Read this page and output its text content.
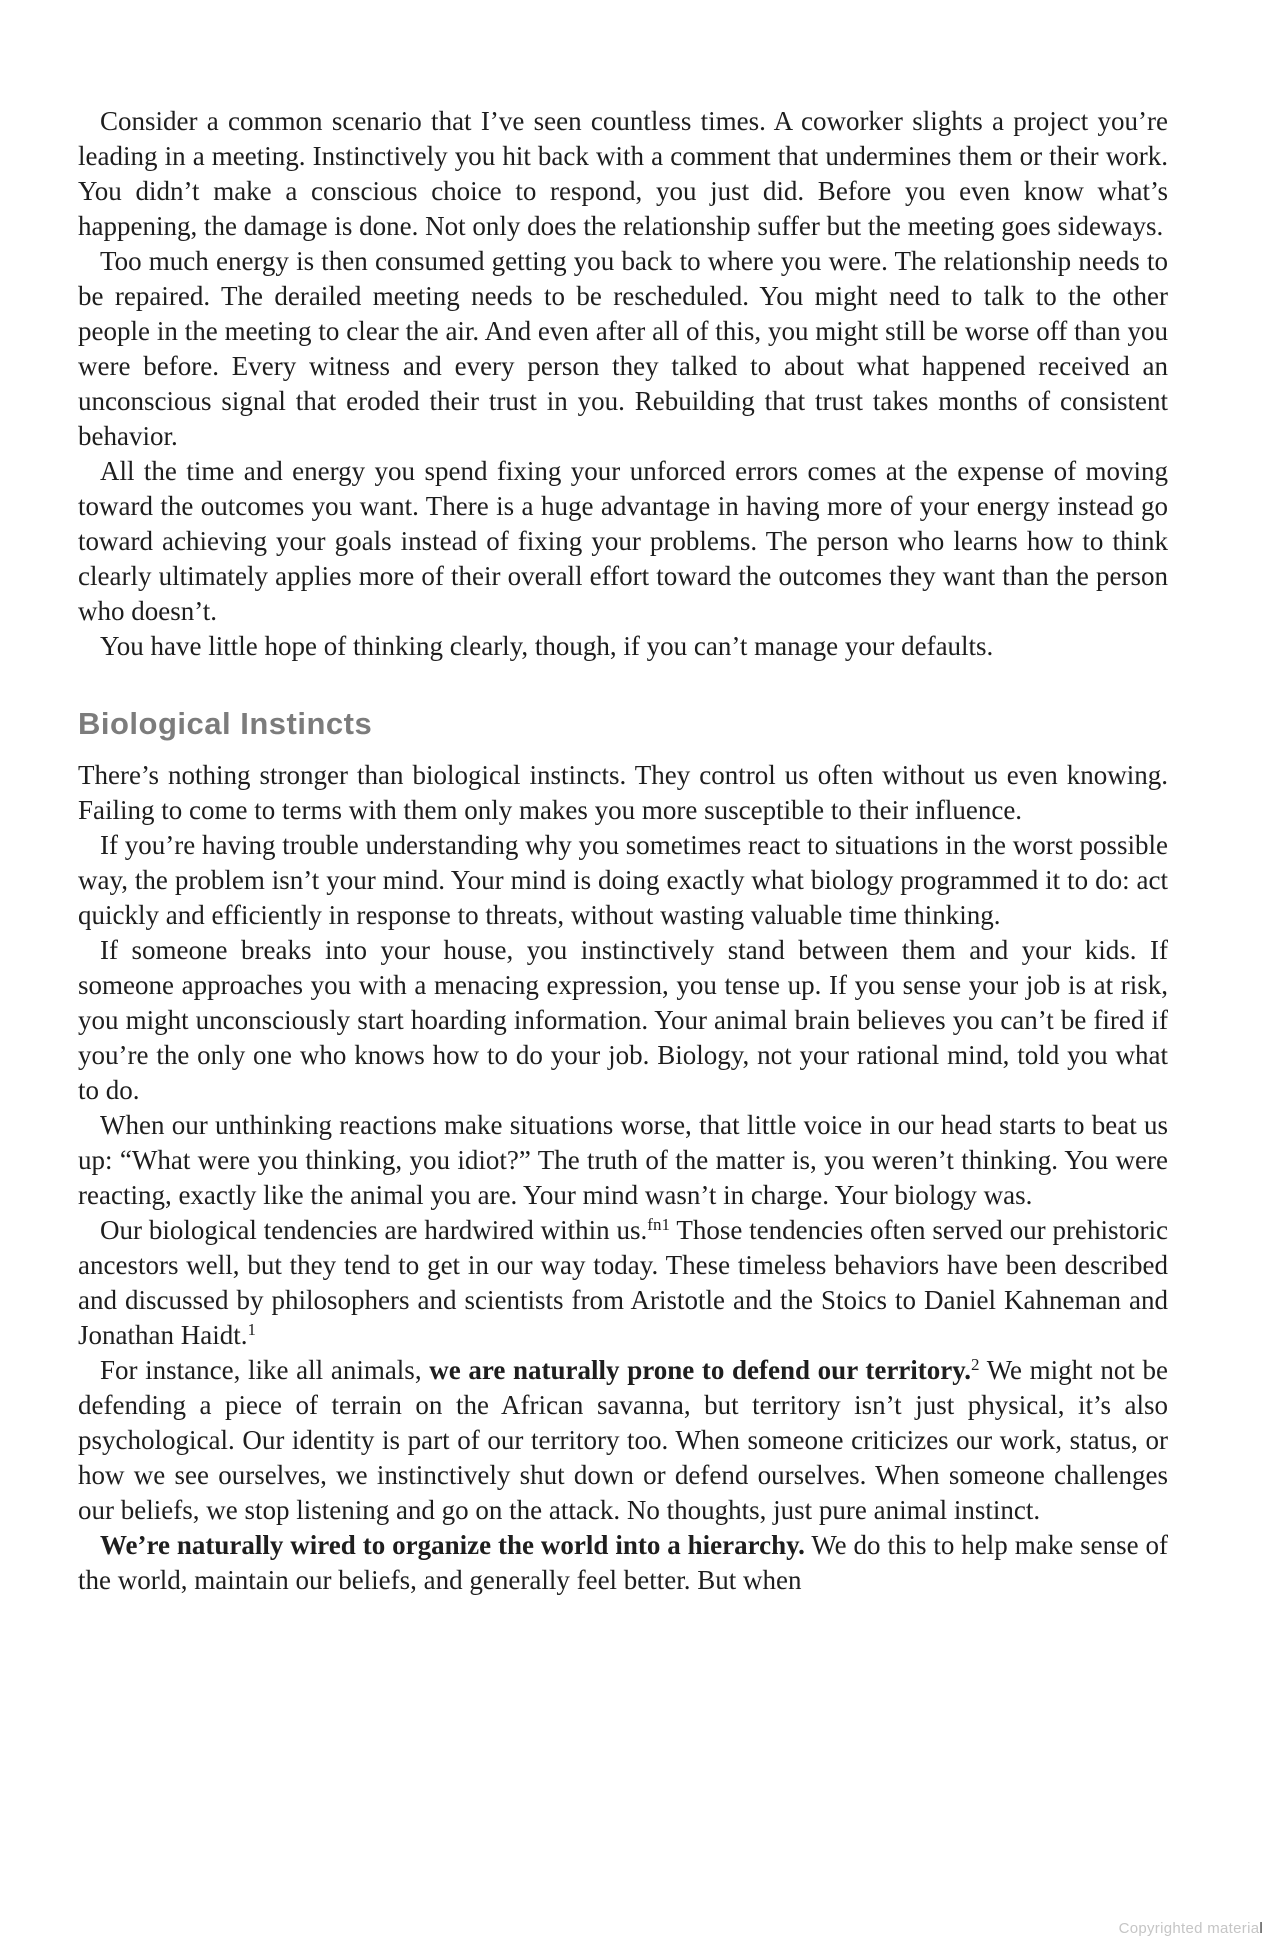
Consider a common scenario that I’ve seen countless times. A coworker slights a project you’re leading in a meeting. Instinctively you hit back with a comment that undermines them or their work. You didn’t make a conscious choice to respond, you just did. Before you even know what’s happening, the damage is done. Not only does the relationship suffer but the meeting goes sideways.

Too much energy is then consumed getting you back to where you were. The relationship needs to be repaired. The derailed meeting needs to be rescheduled. You might need to talk to the other people in the meeting to clear the air. And even after all of this, you might still be worse off than you were before. Every witness and every person they talked to about what happened received an unconscious signal that eroded their trust in you. Rebuilding that trust takes months of consistent behavior.

All the time and energy you spend fixing your unforced errors comes at the expense of moving toward the outcomes you want. There is a huge advantage in having more of your energy instead go toward achieving your goals instead of fixing your problems. The person who learns how to think clearly ultimately applies more of their overall effort toward the outcomes they want than the person who doesn’t.

You have little hope of thinking clearly, though, if you can’t manage your defaults.

Biological Instincts

There’s nothing stronger than biological instincts. They control us often without us even knowing. Failing to come to terms with them only makes you more susceptible to their influence.

If you’re having trouble understanding why you sometimes react to situations in the worst possible way, the problem isn’t your mind. Your mind is doing exactly what biology programmed it to do: act quickly and efficiently in response to threats, without wasting valuable time thinking.

If someone breaks into your house, you instinctively stand between them and your kids. If someone approaches you with a menacing expression, you tense up. If you sense your job is at risk, you might unconsciously start hoarding information. Your animal brain believes you can’t be fired if you’re the only one who knows how to do your job. Biology, not your rational mind, told you what to do.

When our unthinking reactions make situations worse, that little voice in our head starts to beat us up: “What were you thinking, you idiot?” The truth of the matter is, you weren’t thinking. You were reacting, exactly like the animal you are. Your mind wasn’t in charge. Your biology was.

Our biological tendencies are hardwired within us.$^{fn1}$ Those tendencies often served our prehistoric ancestors well, but they tend to get in our way today. These timeless behaviors have been described and discussed by philosophers and scientists from Aristotle and the Stoics to Daniel Kahneman and Jonathan Haidt.$^1$

For instance, like all animals, we are naturally prone to defend our territory.$^2$ We might not be defending a piece of terrain on the African savanna, but territory isn’t just physical, it’s also psychological. Our identity is part of our territory too. When someone criticizes our work, status, or how we see ourselves, we instinctively shut down or defend ourselves. When someone challenges our beliefs, we stop listening and go on the attack. No thoughts, just pure animal instinct.

We’re naturally wired to organize the world into a hierarchy. We do this to help make sense of the world, maintain our beliefs, and generally feel better. But when

Copyrighted material
